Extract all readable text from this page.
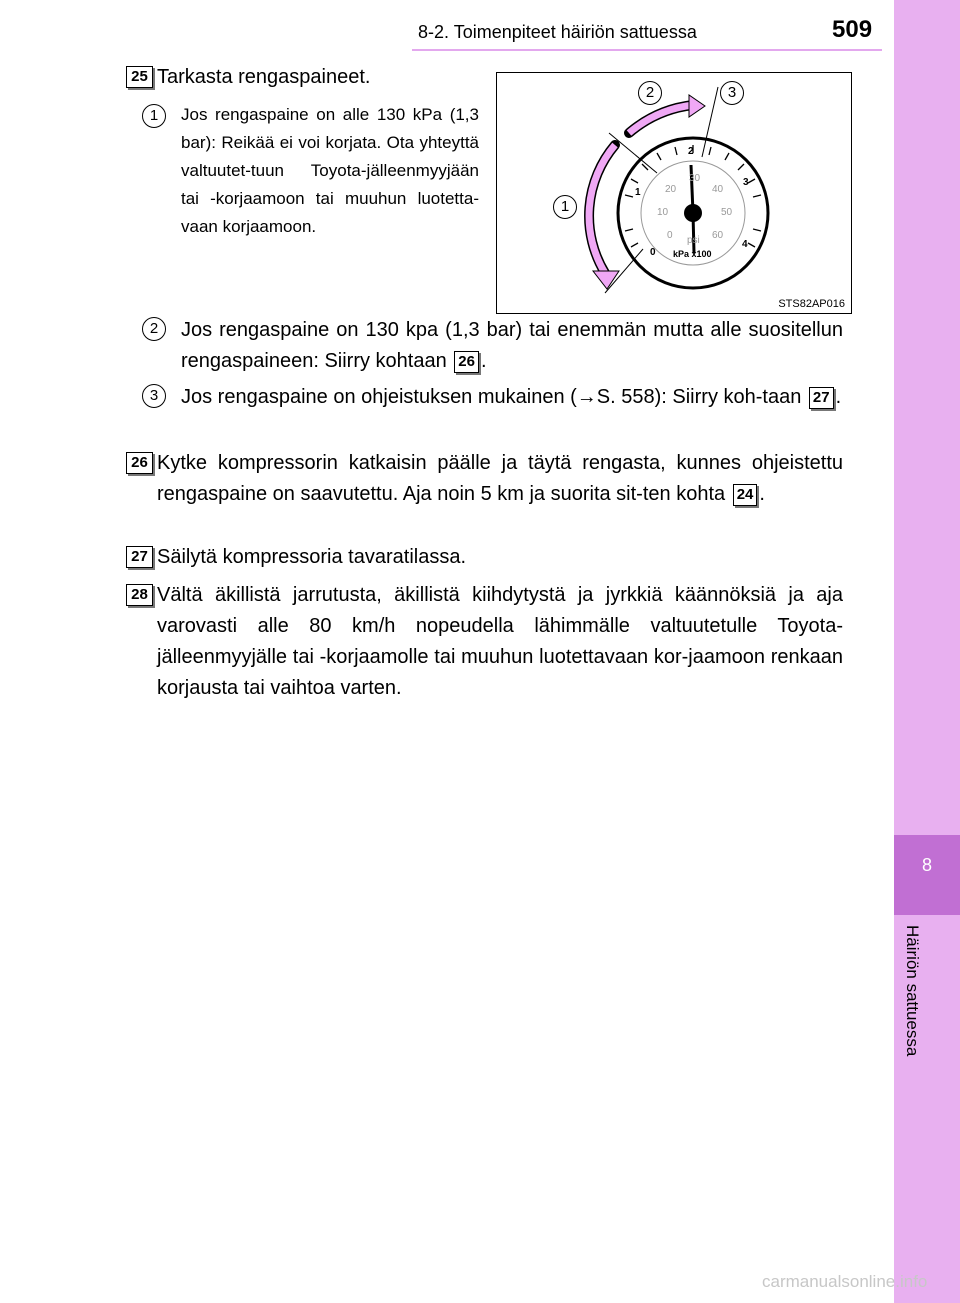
8
Häiriön sattuessa
8-2. Toimenpiteet häiriön sattuessa	509
25 Tarkasta rengaspaineet.
1	Jos rengaspaine on alle 130 kPa (1,3 bar): Reikää ei voi korjata. Ota yhteyttä valtuutet-tuun Toyota-jälleenmyyjään tai -korjaamoon tai muuhun luotetta-vaan korjaamoon.
0
1
2
3
4
0
10
20
30
40
50
60
psi
kPa x100
1
2	3
STS82AP016
2	Jos rengaspaine on 130 kpa (1,3 bar) tai enemmän mutta alle suositellun rengaspaineen: Siirry kohtaan 26 .
3	Jos rengaspaine on ohjeistuksen mukainen (→S. 558): Siirry koh-taan 27 .
26 Kytke kompressorin katkaisin päälle ja täytä rengasta, kunnes ohjeistettu rengaspaine on saavutettu. Aja noin 5 km ja suorita sit-ten kohta 24 .
27 Säilytä kompressoria tavaratilassa.
28 Vältä äkillistä jarrutusta, äkillistä kiihdytystä ja jyrkkiä käännöksiä ja aja varovasti alle 80 km/h nopeudella lähimmälle valtuutetulle Toyota-jälleenmyyjälle tai -korjaamolle tai muuhun luotettavaan kor-jaamoon renkaan korjausta tai vaihtoa varten.
carmanualsonline.info
